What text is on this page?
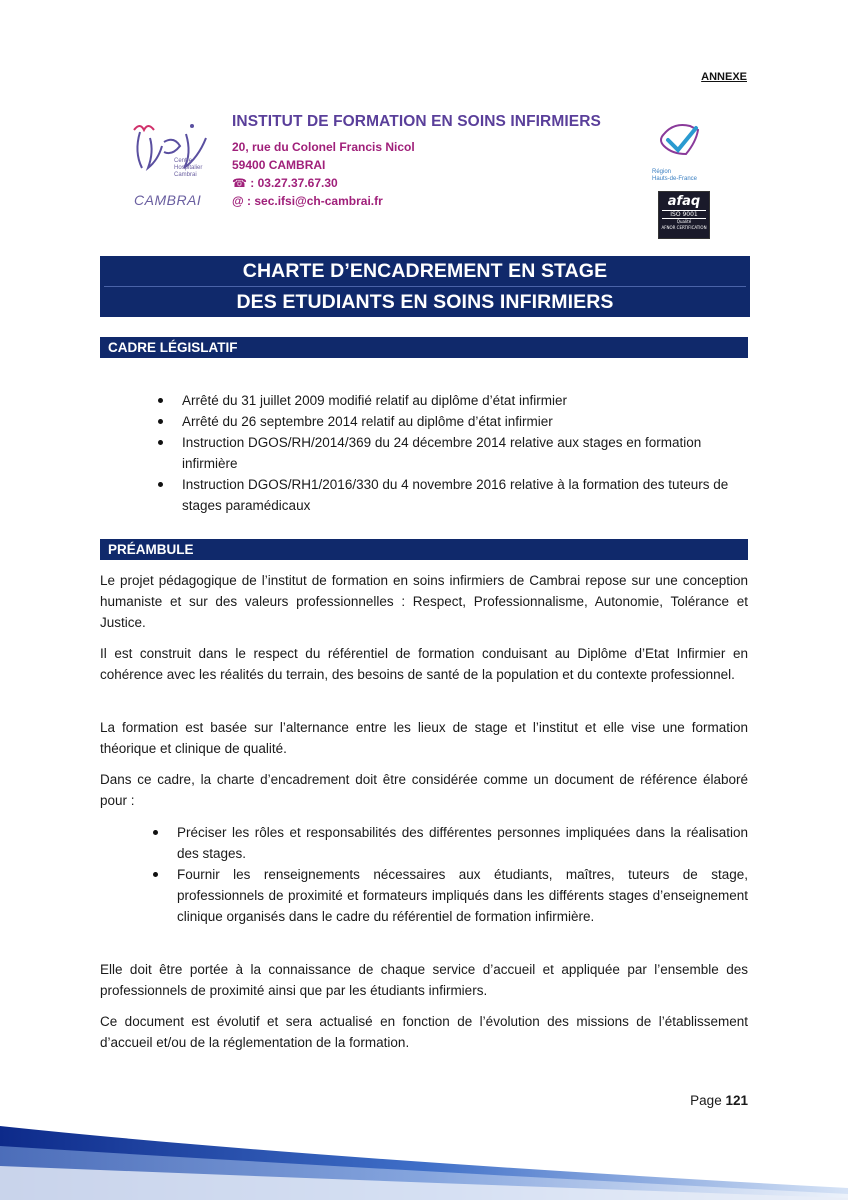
ANNEXE
Centre
Hospitalier
Cambrai
CAMBRAI
INSTITUT DE FORMATION EN SOINS INFIRMIERS
20, rue du Colonel Francis Nicol
59400 CAMBRAI
☎ : 03.27.37.67.30
@ : sec.ifsi@ch-cambrai.fr
Région
Hauts-de-France
afaq
ISO 9001
Qualité
AFNOR CERTIFICATION
CHARTE D’ENCADREMENT EN STAGE
DES ETUDIANTS EN SOINS INFIRMIERS
CADRE LÉGISLATIF
Arrêté du 31 juillet 2009 modifié relatif au diplôme d’état infirmier
Arrêté du 26 septembre 2014 relatif au diplôme d’état infirmier
Instruction DGOS/RH/2014/369 du 24 décembre 2014 relative aux stages en formation infirmière
Instruction DGOS/RH1/2016/330 du 4 novembre 2016 relative à la formation des tuteurs de stages paramédicaux
PRÉAMBULE

Le projet pédagogique de l’institut de formation en soins infirmiers de Cambrai repose sur une conception humaniste et sur des valeurs professionnelles : Respect, Professionnalisme, Autonomie, Tolérance et Justice.

Il est construit dans le respect du référentiel de formation conduisant au Diplôme d’Etat Infirmier en cohérence avec les réalités du terrain, des besoins de santé de la population et du contexte professionnel.

La formation est basée sur l’alternance entre les lieux de stage et l’institut et elle vise une formation théorique et clinique de qualité.

Dans ce cadre, la charte d’encadrement doit être considérée comme un document de référence élaboré pour :

Préciser les rôles et responsabilités des différentes personnes impliquées dans la réalisation des stages.
Fournir les renseignements nécessaires aux étudiants, maîtres, tuteurs de stage, professionnels de proximité et formateurs impliqués dans les différents stages d’enseignement clinique organisés dans le cadre du référentiel de formation infirmière.

Elle doit être portée à la connaissance de chaque service d’accueil et appliquée par l’ensemble des professionnels de proximité ainsi que par les étudiants infirmiers.

Ce document est évolutif et sera actualisé en fonction de l’évolution des missions de l’établissement d’accueil et/ou de la réglementation de la formation.

Page 121
